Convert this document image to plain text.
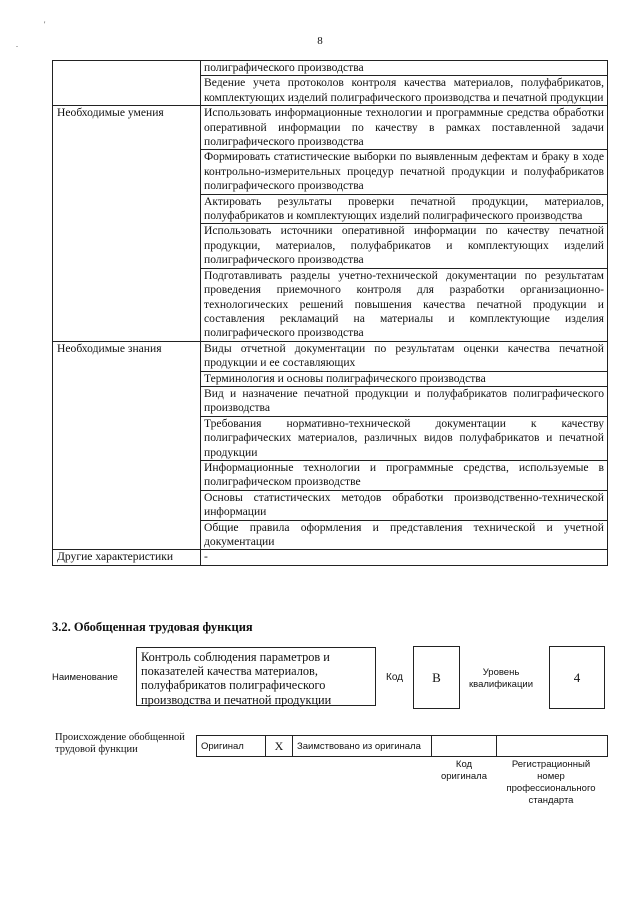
'
.	8
	полиграфического производства
	Ведение учета протоколов контроля качества материалов, полуфабрикатов, комплектующих изделий полиграфического производства и печатной продукции
Необходимые умения	Использовать информационные технологии и программные средства обработки оперативной информации по качеству в рамках поставленной задачи полиграфического производства
	Формировать статистические выборки по выявленным дефектам и браку в ходе контрольно-измерительных процедур печатной продукции и полуфабрикатов полиграфического производства
	Актировать результаты проверки печатной продукции, материалов, полуфабрикатов и комплектующих изделий полиграфического производства
	Использовать источники оперативной информации по качеству печатной продукции, материалов, полуфабрикатов и комплектующих изделий полиграфического производства
	Подготавливать разделы учетно-технической документации по результатам проведения приемочного контроля для разработки организационно-технологических решений повышения качества печатной продукции и составления рекламаций на материалы и комплектующие изделия полиграфического производства
Необходимые знания	Виды отчетной документации по результатам оценки качества печатной продукции и ее составляющих
	Терминология и основы полиграфического производства
	Вид и назначение печатной продукции и полуфабрикатов полиграфического производства
	Требования нормативно-технической документации к качеству полиграфических материалов, различных видов полуфабрикатов и печатной продукции
	Информационные технологии и программные средства, используемые в полиграфическом производстве
	Основы статистических методов обработки производственно-технической информации
	Общие правила оформления и представления технической и учетной документации
Другие характеристики	-
3.2. Обобщенная трудовая функция
Наименование
Контроль соблюдения параметров и показателей качества материалов, полуфабрикатов полиграфического производства и печатной продукции
Код	B	Уровень квалификации	4
Происхождение обобщенной трудовой функции	Оригинал	X	Заимствовано из оригинала		
Код оригинала
Регистрационный номер профессионального стандарта
